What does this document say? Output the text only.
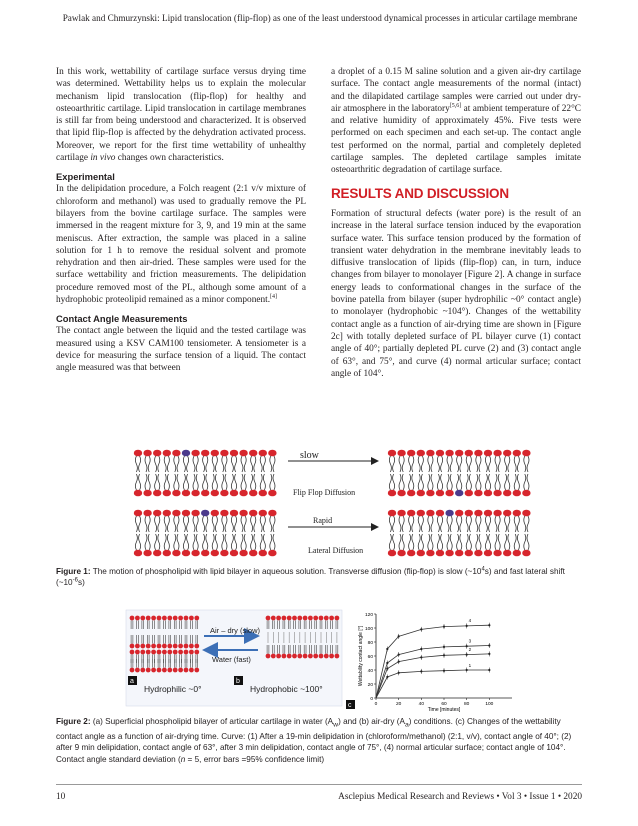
Pawlak and Chmurzynski: Lipid translocation (flip-flop) as one of the least understood dynamical processes in articular cartilage membrane

In this work, wettability of cartilage surface versus drying time was determined. Wettability helps us to explain the molecular mechanism lipid translocation (flip-flop) for healthy and osteoarthritic cartilage. Lipid translocation in cartilage membranes is still far from being understood and characterized. It is observed that lipid flip-flop is affected by the dehydration activated process. Moreover, we report for the first time wettability of unhealthy cartilage in vivo changes own characteristics.

Experimental

In the delipidation procedure, a Folch reagent (2:1 v/v mixture of chloroform and methanol) was used to gradually remove the PL bilayers from the bovine cartilage surface. The samples were immersed in the reagent mixture for 3, 9, and 19 min at the same meniscus. After extraction, the sample was placed in a saline solution for 1 h to remove the residual solvent and promote rehydration and then air-dried. These samples were used for the surface wettability and friction measurements. The delipidation procedure removed most of the PL, although some amount of a hydrophobic proteolipid remained as a minor component.[4]

Contact Angle Measurements

The contact angle between the liquid and the tested cartilage was measured using a KSV CAM100 tensiometer. A tensiometer is a device for measuring the surface tension of a liquid. The contact angle measured was that between

a droplet of a 0.15 M saline solution and a given air-dry cartilage surface. The contact angle measurements of the normal (intact) and the dilapidated cartilage samples were carried out under dry-air atmosphere in the laboratory[5,6] at ambient temperature of 22°C and relative humidity of approximately 45%. Five tests were performed on each specimen and each set-up. The contact angle test performed on the normal, partial and completely depleted cartilage samples. The depleted cartilage samples imitate osteoarthritic degradation of cartilage surface.

RESULTS AND DISCUSSION

Formation of structural defects (water pore) is the result of an increase in the lateral surface tension induced by the evaporation surface water. This surface tension produced by the formation of transient water dehydration in the membrane inevitably leads to diffusive translocation of lipids (flip-flop) can, in turn, induce changes from bilayer to monolayer [Figure 2]. A change in surface energy leads to conformational changes in the surface of the bovine patella from bilayer (super hydrophilic ~0° contact angle) to monolayer (hydrophobic ~104°). Changes of the wettability contact angle as a function of air-drying time are shown in [Figure 2c] with totally depleted surface of PL bilayer curve (1) contact angle of 40°; partially depleted PL curve (2) and (3) contact angle of 63°, and 75°, and curve (4) normal articular surface; contact angle of 104°.

slow
Flip Flop Diffusion
Rapid
Lateral Diffusion
Figure 1: The motion of phospholipid with lipid bilayer in aqueous solution. Transverse diffusion (flip-flop) is slow $(\sim 10^4s)$ and fast lateral shift $(\sim 10^{-6}s)$
Air – dry (slow)
Water (fast)
Hydrophilic ~0°	Hydrophobic ~100°
a	b
c
0
20
40
60
80
100
120
0	20	40	60	80	100
Time [minutes]
Wettability contact angle [°]	1
2
3
4
Figure 2: (a) Superficial phospholipid bilayer of articular cartilage in water $(A_w)$ and (b) air-dry $(A_a)$ conditions. (c) Changes of the wettability contact angle as a function of air-drying time. Curve: (1) After a 19-min delipidation in (chloroform/methanol) (2:1, v/v), contact angle of 40°; (2) after 9 min delipidation, contact angle of 63°, after 3 min delipidation, contact angle of 75°, (4) normal articular surface; contact angle of 104°. Contact angle standard deviation (n = 5, error bars =95% confidence limit)
10	Asclepius Medical Research and Reviews • Vol 3 • Issue 1 • 2020
